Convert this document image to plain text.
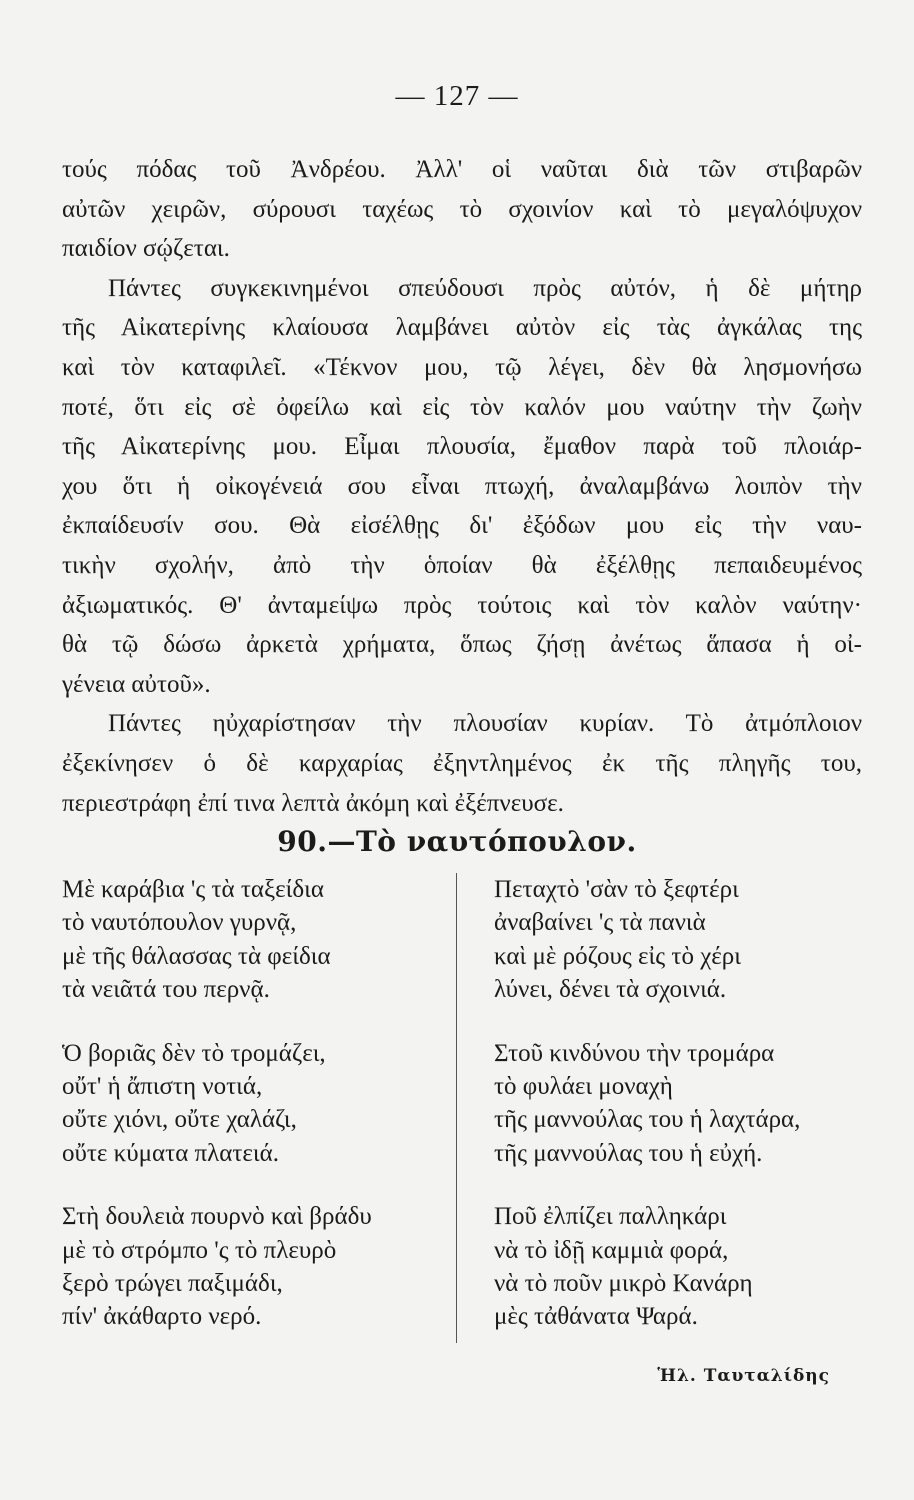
— 127 —
τούς πόδας τοῦ Ἀνδρέου. Ἀλλ' οἱ ναῦται διὰ τῶν στιβαρῶν
αὐτῶν χειρῶν, σύρουσι ταχέως τὸ σχοινίον καὶ τὸ μεγαλόψυχον
παιδίον σῴζεται.
Πάντες συγκεκινημένοι σπεύδουσι πρὸς αὐτόν, ἡ δὲ μήτηρ
τῆς Αἰκατερίνης κλαίουσα λαμβάνει αὐτὸν εἰς τὰς ἀγκάλας της
καὶ τὸν καταφιλεῖ. «Τέκνον μου, τῷ λέγει, δὲν θὰ λησμονήσω
ποτέ, ὅτι εἰς σὲ ὀφείλω καὶ εἰς τὸν καλόν μου ναύτην τὴν ζωὴν
τῆς Αἰκατερίνης μου. Εἶμαι πλουσία, ἔμαθον παρὰ τοῦ πλοιάρ-
χου ὅτι ἡ οἰκογένειά σου εἶναι πτωχή, ἀναλαμβάνω λοιπὸν τὴν
ἐκπαίδευσίν σου. Θὰ εἰσέλθῃς δι' ἐξόδων μου εἰς τὴν ναυ-
τικὴν σχολήν, ἀπὸ τὴν ὁποίαν θὰ ἐξέλθῃς πεπαιδευμένος
ἀξιωματικός. Θ' ἀνταμείψω πρὸς τούτοις καὶ τὸν καλὸν ναύτην·
θὰ τῷ δώσω ἀρκετὰ χρήματα, ὅπως ζήσῃ ἀνέτως ἅπασα ἡ οἰ-
γένεια αὐτοῦ».
Πάντες ηὐχαρίστησαν τὴν πλουσίαν κυρίαν. Τὸ ἀτμόπλοιον
ἐξεκίνησεν ὁ δὲ καρχαρίας ἐξηντλημένος ἐκ τῆς πληγῆς του,
περιεστράφη ἐπί τινα λεπτὰ ἀκόμη καὶ ἐξέπνευσε.
90.—Τὸ ναυτόπουλον.
Μὲ καράβια 'ς τὰ ταξείδια
τὸ ναυτόπουλον γυρνᾷ,
μὲ τῆς θάλασσας τὰ φείδια
τὰ νειᾶτά του περνᾷ.
Ὁ βοριᾶς δὲν τὸ τρομάζει,
οὔτ' ἡ ἄπιστη νοτιά,
οὔτε χιόνι, οὔτε χαλάζι,
οὔτε κύματα πλατειά.
Στὴ δουλειὰ πουρνὸ καὶ βράδυ
μὲ τὸ στρόμπο 'ς τὸ πλευρὸ
ξερὸ τρώγει παξιμάδι,
πίν' ἀκάθαρτο νερό.
Πεταχτὸ 'σὰν τὸ ξεφτέρι
ἀναβαίνει 'ς τὰ πανιὰ
καὶ μὲ ρόζους εἰς τὸ χέρι
λύνει, δένει τὰ σχοινιά.
Στοῦ κινδύνου τὴν τρομάρα
τὸ φυλάει μοναχὴ
τῆς μαννούλας του ἡ λαχτάρα,
τῆς μαννούλας του ἡ εὐχή.
Ποῦ ἐλπίζει παλληκάρι
νὰ τὸ ἰδῇ καμμιὰ φορά,
νὰ τὸ ποῦν μικρὸ Κανάρη
μὲς τἀθάνατα Ψαρά.
Ἡλ. Ταυταλίδης
